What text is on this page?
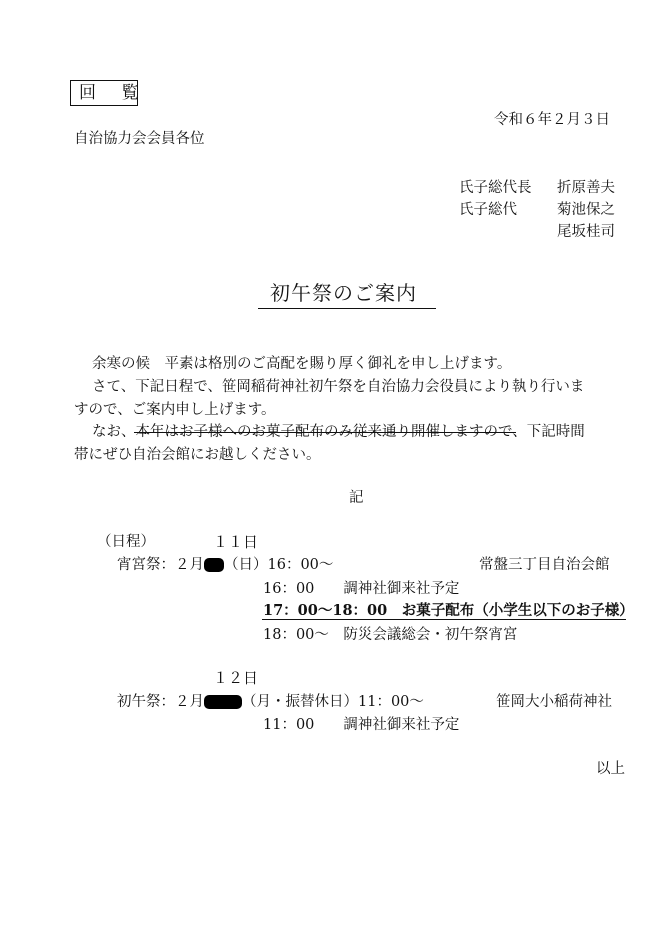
回 覧
令和６年２月３日
自治協力会会員各位
氏子総代長 折原善夫
氏子総代	菊池保之
尾坂桂司
初午祭のご案内
余寒の候　平素は格別のご高配を賜り厚く御礼を申し上げます。
さて、下記日程で、笹岡稲荷神社初午祭を自治協力会役員により執り行いま
すので、ご案内申し上げます。
なお、本年はお子様へのお菓子配布のみ従来通り開催しますので、下記時間
帯にぜひ自治会館にお越しください。
記
（日程）	１１日
宵宮祭：２月 （日）16：00～	常盤三丁目自治会館
16：00　　調神社御来社予定
17：00～18：00　お菓子配布（小学生以下のお子様）
18：00～　防災会議総会・初午祭宵宮
１２日
初午祭：２月	（月・振替休日）11：00～	笹岡大小稲荷神社
11：00　　調神社御来社予定
以上
